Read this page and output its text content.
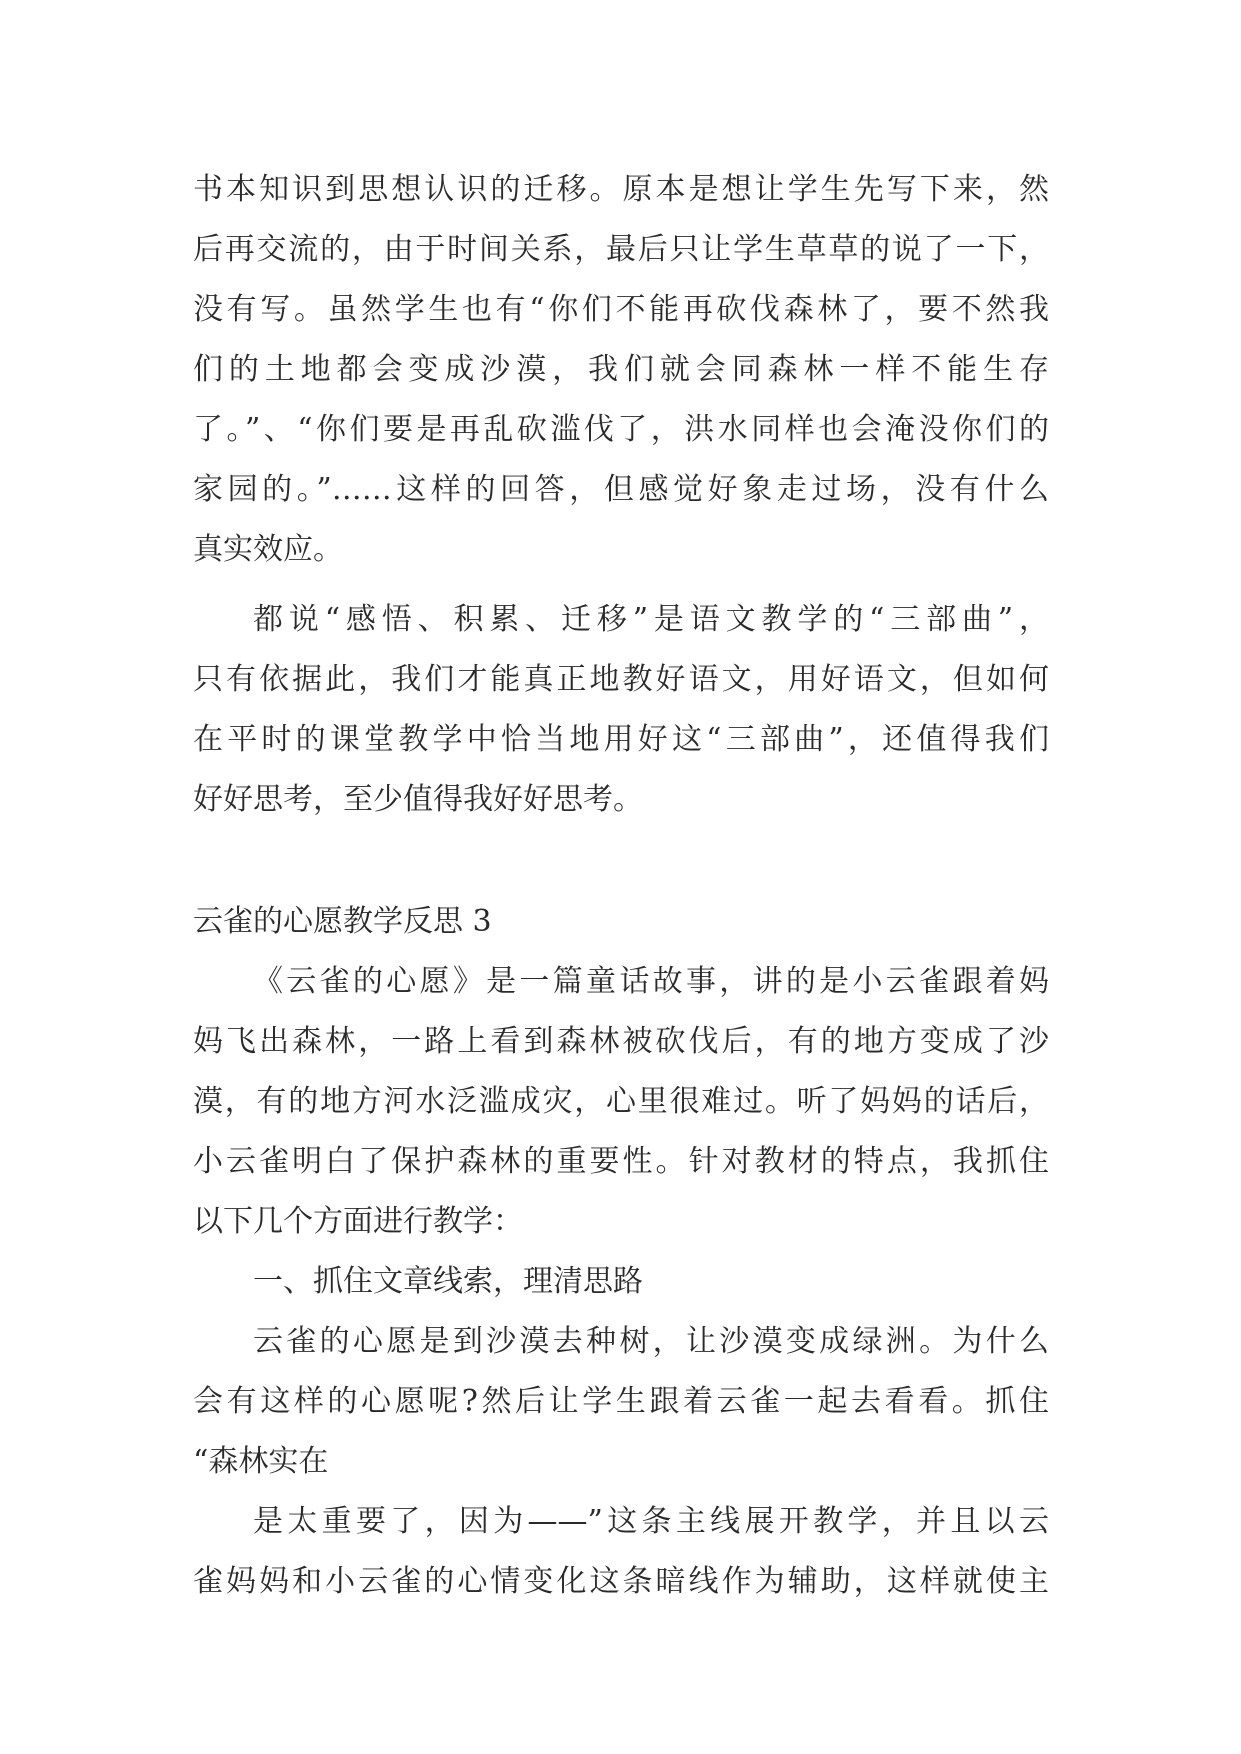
书本知识到思想认识的迁移。原本是想让学生先写下来，然
后再交流的，由于时间关系，最后只让学生草草的说了一下，
没有写。虽然学生也有“你们不能再砍伐森林了，要不然我
们的土地都会变成沙漠，我们就会同森林一样不能生存
了。”、“你们要是再乱砍滥伐了，洪水同样也会淹没你们的
家园的。”……这样的回答，但感觉好象走过场，没有什么
真实效应。
都说“感悟、积累、迁移”是语文教学的“三部曲”，
只有依据此，我们才能真正地教好语文，用好语文，但如何
在平时的课堂教学中恰当地用好这“三部曲”，还值得我们
好好思考，至少值得我好好思考。
云雀的心愿教学反思 3
《云雀的心愿》是一篇童话故事，讲的是小云雀跟着妈
妈飞出森林，一路上看到森林被砍伐后，有的地方变成了沙
漠，有的地方河水泛滥成灾，心里很难过。听了妈妈的话后，
小云雀明白了保护森林的重要性。针对教材的特点，我抓住
以下几个方面进行教学：
一、抓住文章线索，理清思路
云雀的心愿是到沙漠去种树，让沙漠变成绿洲。为什么
会有这样的心愿呢?然后让学生跟着云雀一起去看看。抓住
“森林实在
是太重要了，因为——”这条主线展开教学，并且以云
雀妈妈和小云雀的心情变化这条暗线作为辅助，这样就使主
